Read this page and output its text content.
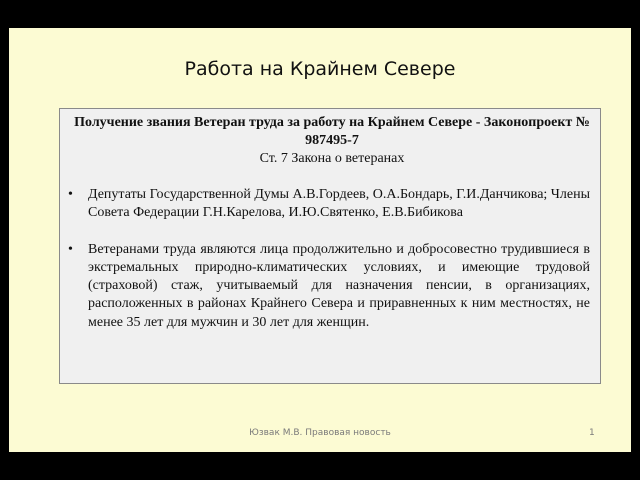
Работа на Крайнем Севере
Получение звания Ветеран труда за работу на Крайнем Севере - Законопроект № 987495-7
Ст. 7 Закона о ветеранах
• Депутаты Государственной Думы А.В.Гордеев, О.А.Бондарь, Г.И.Данчикова; Члены Совета Федерации Г.Н.Карелова, И.Ю.Святенко, Е.В.Бибикова
• Ветеранами труда являются лица продолжительно и добросовестно трудившиеся в экстремальных природно-климатических условиях, и имеющие трудовой (страховой) стаж, учитываемый для назначения пенсии, в организациях, расположенных в районах Крайнего Севера и приравненных к ним местностях, не менее 35 лет для мужчин и 30 лет для женщин.
Юзвак М.В. Правовая новость	1
